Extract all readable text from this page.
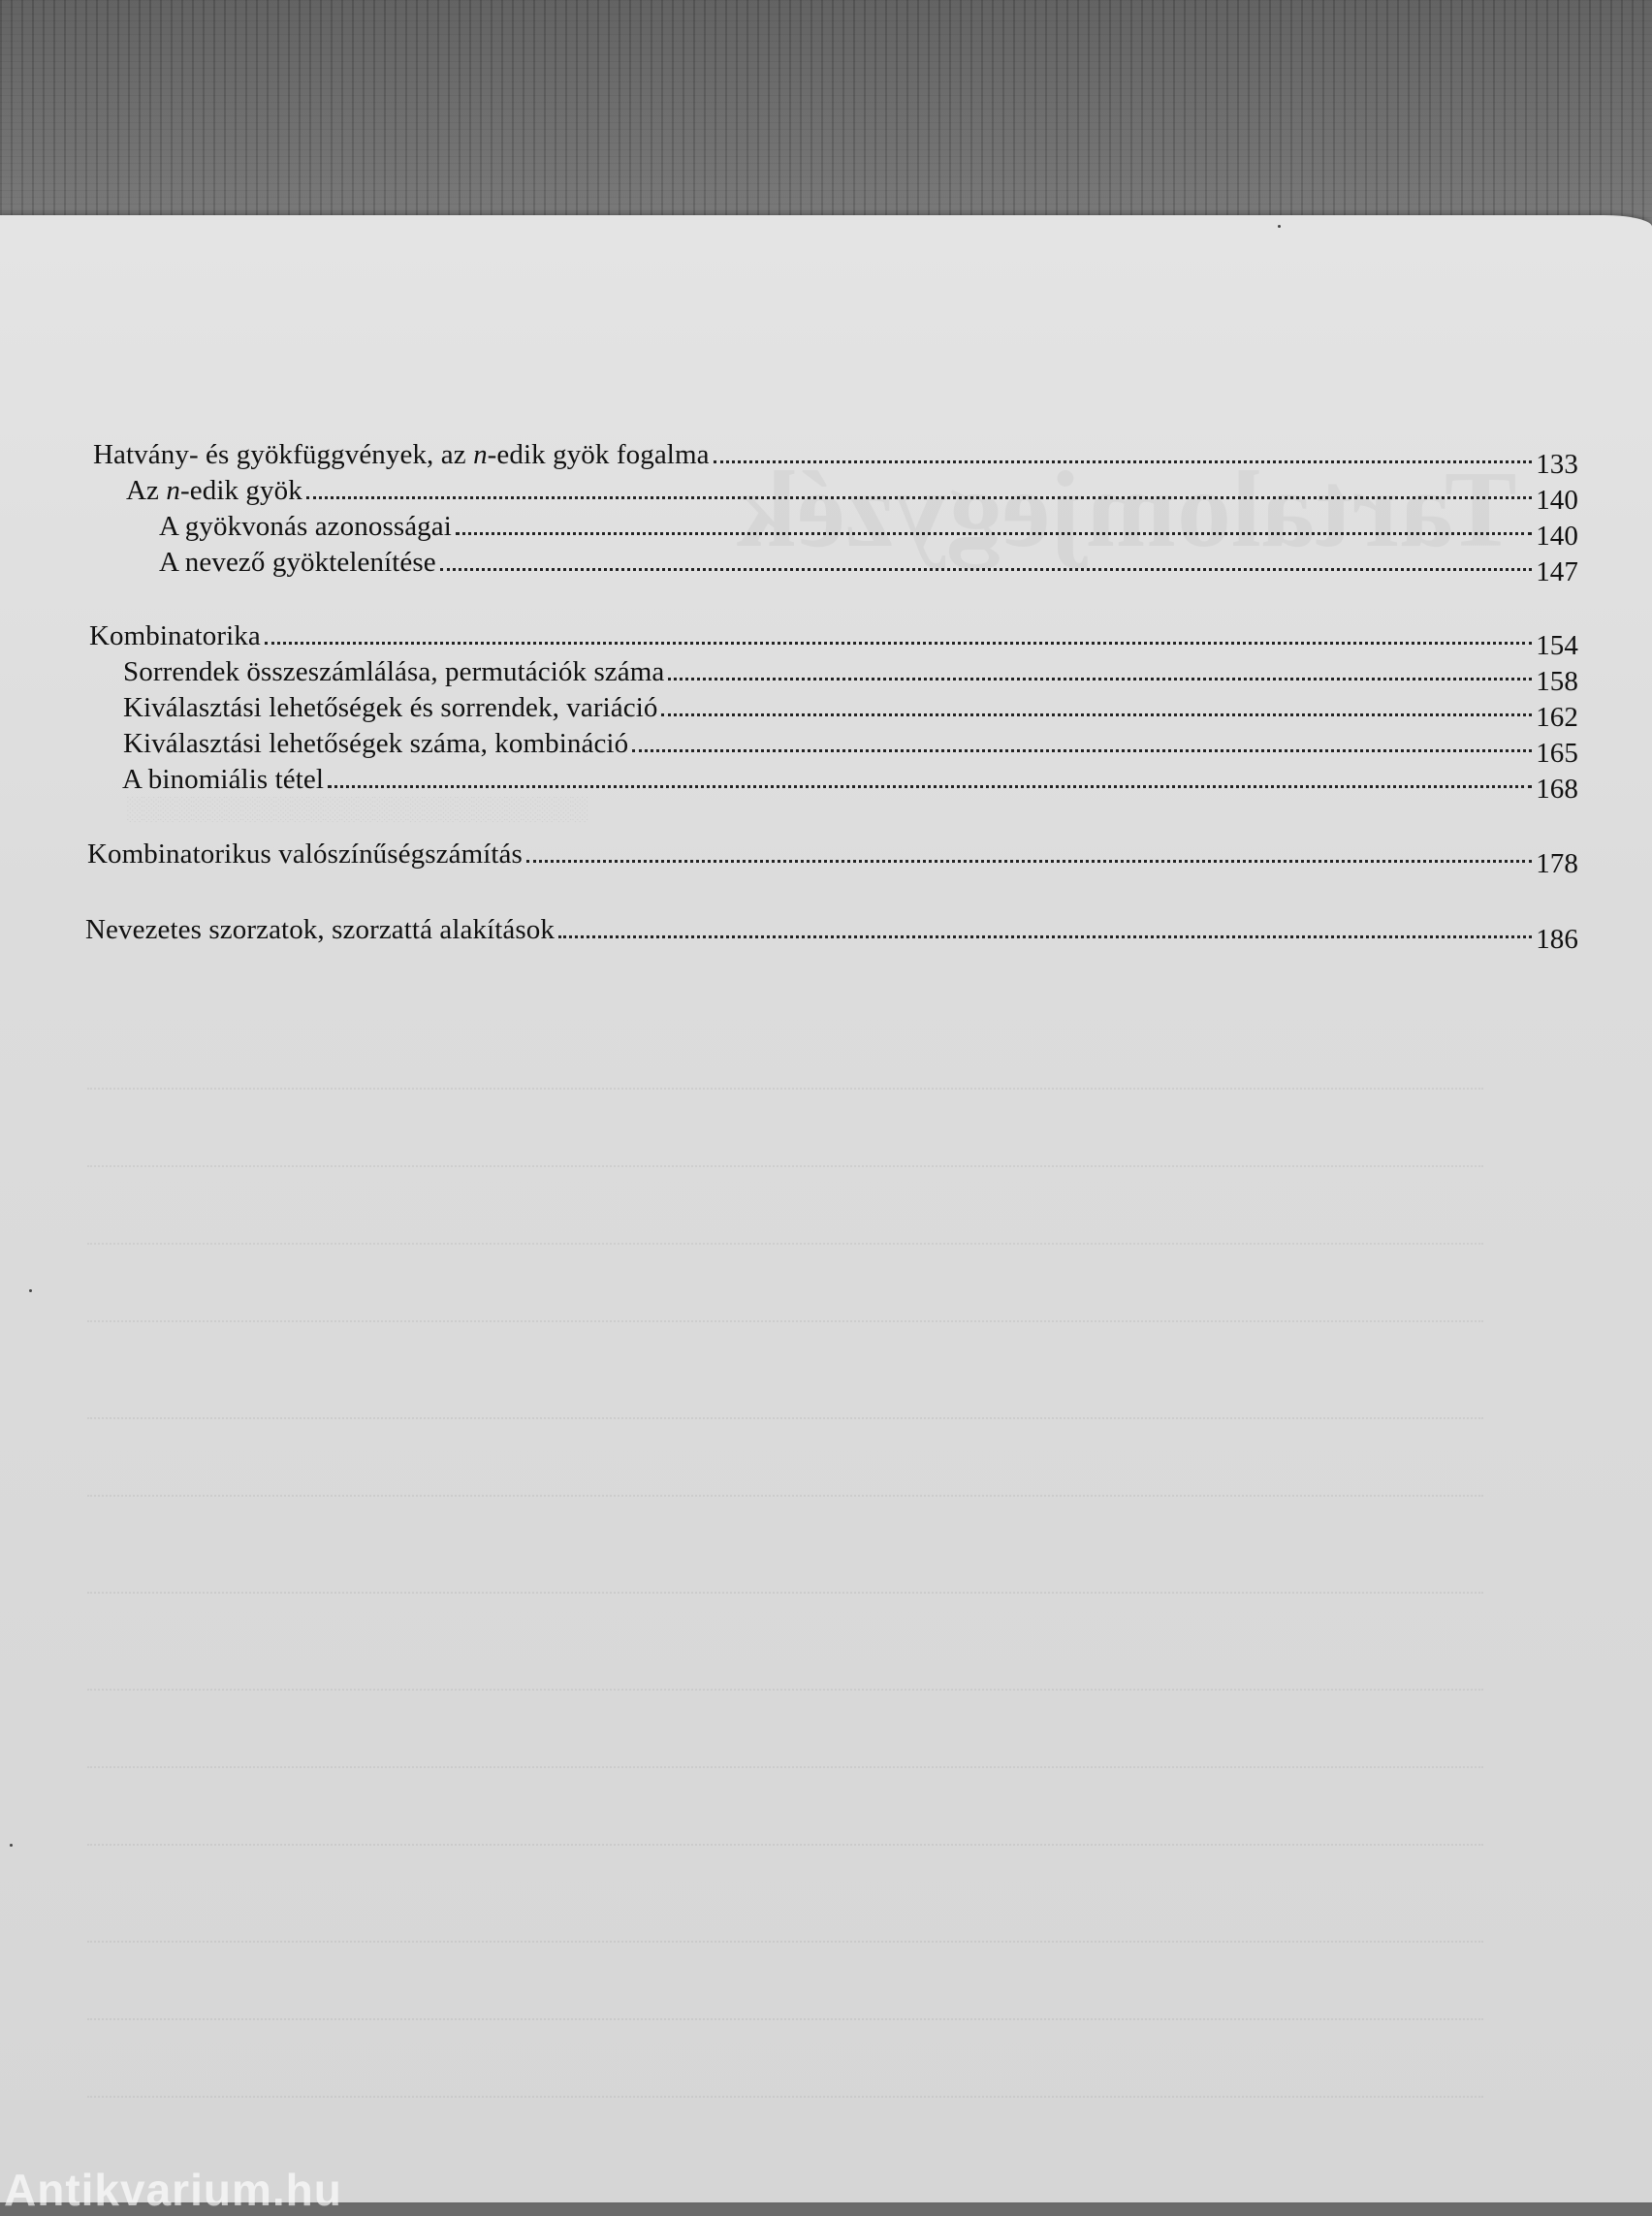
░░░░░░░░░░░░░░░░░░░░░░░░░░░░
Hatvány- és gyökfüggvények, az n-edik gyök fogalma	133
Az n-edik gyök	140
A gyökvonás azonosságai	140
A nevező gyöktelenítése	147
Kombinatorika	154
Sorrendek összeszámlálása, permutációk száma	158
Kiválasztási lehetőségek és sorrendek, variáció	162
Kiválasztási lehetőségek száma, kombináció	165
A binomiális tétel	168
Kombinatorikus valószínűségszámítás	178
Nevezetes szorzatok, szorzattá alakítások	186
Antikvarium.hu
